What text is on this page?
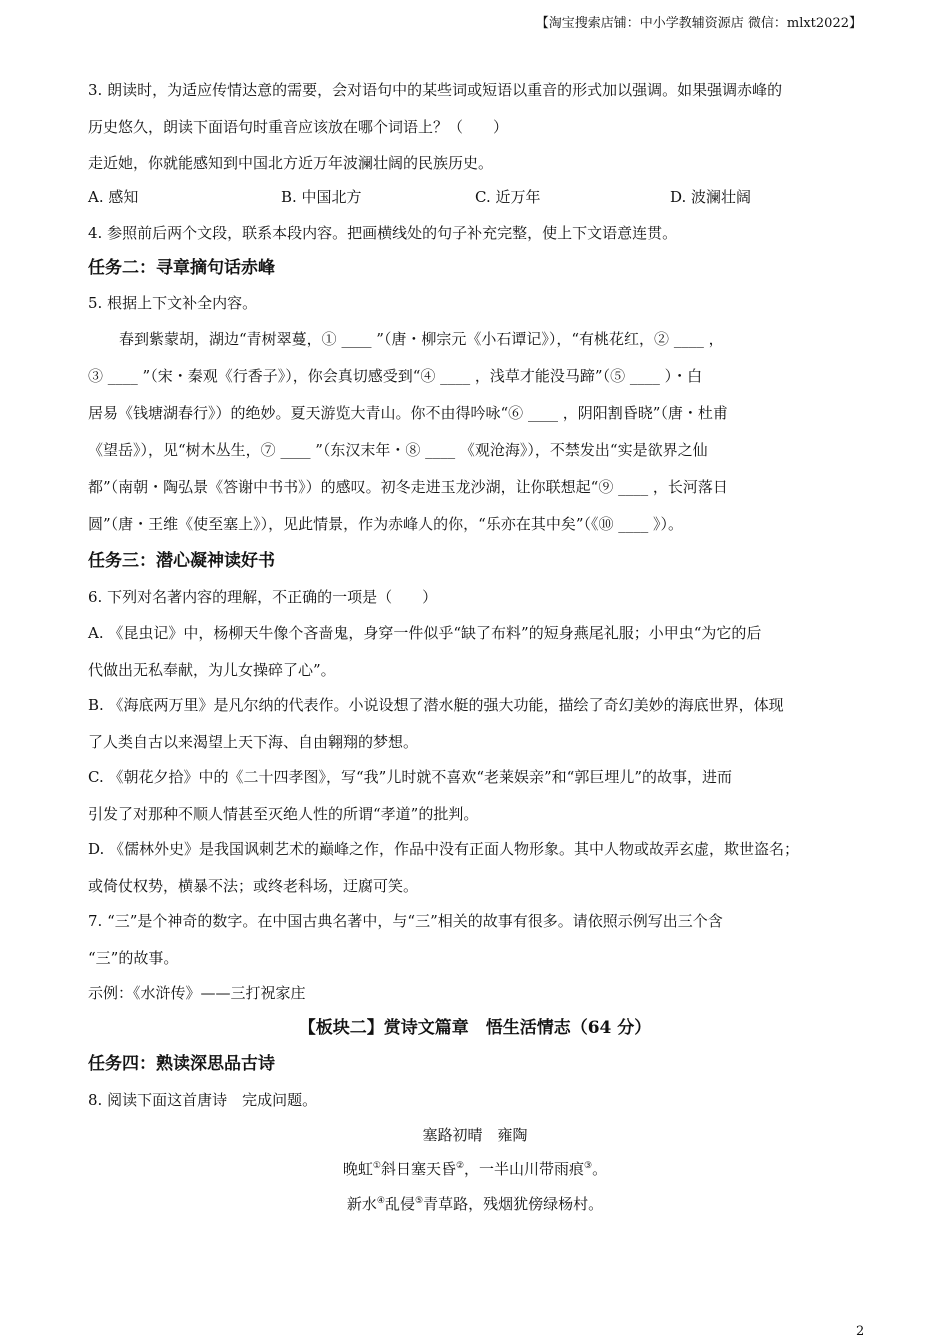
【淘宝搜索店铺：中小学教辅资源店 微信：mlxt2022】
3. 朗读时，为适应传情达意的需要，会对语句中的某些词或短语以重音的形式加以强调。如果强调赤峰的
历史悠久，朗读下面语句时重音应该放在哪个词语上？（　　）
走近她，你就能感知到中国北方近万年波澜壮阔的民族历史。
A. 感知	B. 中国北方	C. 近万年	D. 波澜壮阔
4. 参照前后两个文段，联系本段内容。把画横线处的句子补充完整，使上下文语意连贯。
任务二：寻章摘句话赤峰
5. 根据上下文补全内容。
春到紫蒙胡，湖边“青树翠蔓，① ____ ”（唐・柳宗元《小石谭记》），“有桃花红，② ____ ，
③ ____ ”（宋・秦观《行香子》），你会真切感受到“④ ____ ，浅草才能没马蹄”（⑤ ____ ）・白
居易《钱塘湖春行》）的绝妙。夏天游览大青山。你不由得吟咏“⑥ ____ ，阴阳割昏晓”（唐・杜甫
《望岳》），见“树木丛生，⑦ ____ ”（东汉末年・⑧ ____ 《观沧海》），不禁发出“实是欲界之仙
都”（南朝・陶弘景《答谢中书书》）的感叹。初冬走进玉龙沙湖，让你联想起“⑨ ____ ，长河落日
圆”（唐・王维《使至塞上》），见此情景，作为赤峰人的你，“乐亦在其中矣”（《⑩ ____ 》）。
任务三：潜心凝神读好书
6. 下列对名著内容的理解，不正确的一项是（　　）
A. 《昆虫记》中，杨柳天牛像个吝啬鬼，身穿一件似乎“缺了布料”的短身燕尾礼服；小甲虫“为它的后
代做出无私奉献，为儿女操碎了心”。
B. 《海底两万里》是凡尔纳的代表作。小说设想了潜水艇的强大功能，描绘了奇幻美妙的海底世界，体现
了人类自古以来渴望上天下海、自由翱翔的梦想。
C. 《朝花夕拾》中的《二十四孝图》，写“我”儿时就不喜欢“老莱娱亲”和“郭巨埋儿”的故事，进而
引发了对那种不顺人情甚至灭绝人性的所谓“孝道”的批判。
D. 《儒林外史》是我国讽刺艺术的巅峰之作，作品中没有正面人物形象。其中人物或故弄玄虚，欺世盗名；
或倚仗权势，横暴不法；或终老科场，迂腐可笑。
7. “三”是个神奇的数字。在中国古典名著中，与“三”相关的故事有很多。请依照示例写出三个含
“三”的故事。
示例：《水浒传》——三打祝家庄
【板块二】赏诗文篇章　悟生活情志（64 分）
任务四：熟读深思品古诗
8. 阅读下面这首唐诗　完成问题。
塞路初晴　雍陶
晚虹①斜日塞天昏②，一半山川带雨痕③。
新水④乱侵⑤青草路，残烟犹傍绿杨村。
2
